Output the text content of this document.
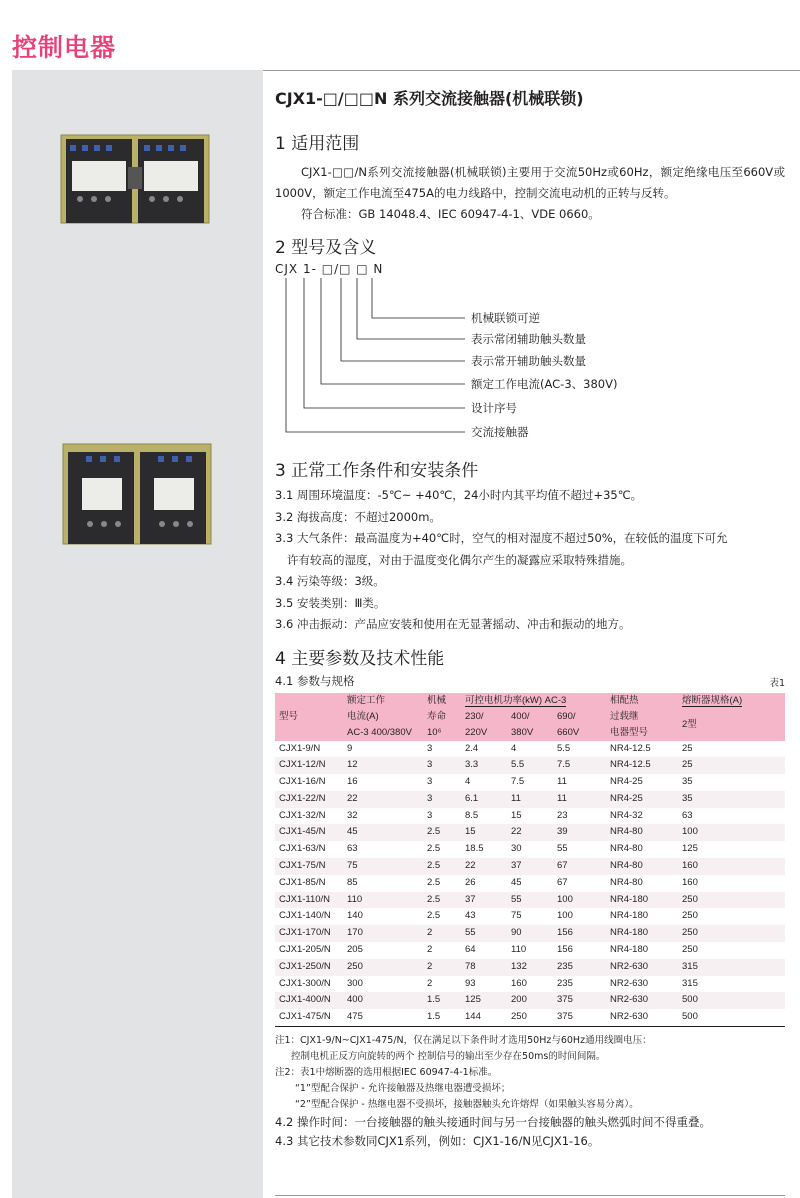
控制电器
CJX1-□/□□N 系列交流接触器(机械联锁)
1 适用范围
CJX1-□□/N系列交流接触器(机械联锁)主要用于交流50Hz或60Hz，额定绝缘电压至660V或1000V，额定工作电流至475A的电力线路中，控制交流电动机的正转与反转。
符合标准：GB 14048.4、IEC 60947-4-1、VDE 0660。
2 型号及含义
CJX 1- □/□ □ N
机械联锁可逆
表示常闭辅助触头数量
表示常开辅助触头数量
额定工作电流(AC-3、380V)
设计序号
交流接触器
3 正常工作条件和安装条件
3.1 周围环境温度：-5℃~ +40℃，24小时内其平均值不超过+35℃。
3.2 海拔高度：不超过2000m。
3.3 大气条件：最高温度为+40℃时，空气的相对湿度不超过50%，在较低的温度下可允
许有较高的湿度，对由于温度变化偶尔产生的凝露应采取特殊措施。
3.4 污染等级：3级。
3.5 安装类别：Ⅲ类。
3.6 冲击振动：产品应安装和使用在无显著摇动、冲击和振动的地方。
4 主要参数及技术性能
4.1 参数与规格	表1
型号	额定工作	机械	可控电机功率(kW) AC-3			相配热	熔断器规格(A)
	电流(A)	寿命	230/	400/	690/	过载继	2型
	AC-3 400/380V	10⁶	220V	380V	660V	电器型号	
CJX1-9/N	9	3	2.4	4	5.5	NR4-12.5	25
CJX1-12/N	12	3	3.3	5.5	7.5	NR4-12.5	25
CJX1-16/N	16	3	4	7.5	11	NR4-25	35
CJX1-22/N	22	3	6.1	11	11	NR4-25	35
CJX1-32/N	32	3	8.5	15	23	NR4-32	63
CJX1-45/N	45	2.5	15	22	39	NR4-80	100
CJX1-63/N	63	2.5	18.5	30	55	NR4-80	125
CJX1-75/N	75	2.5	22	37	67	NR4-80	160
CJX1-85/N	85	2.5	26	45	67	NR4-80	160
CJX1-110/N	110	2.5	37	55	100	NR4-180	250
CJX1-140/N	140	2.5	43	75	100	NR4-180	250
CJX1-170/N	170	2	55	90	156	NR4-180	250
CJX1-205/N	205	2	64	110	156	NR4-180	250
CJX1-250/N	250	2	78	132	235	NR2-630	315
CJX1-300/N	300	2	93	160	235	NR2-630	315
CJX1-400/N	400	1.5	125	200	375	NR2-630	500
CJX1-475/N	475	1.5	144	250	375	NR2-630	500
注1：CJX1-9/N~CJX1-475/N，仅在满足以下条件时才选用50Hz与60Hz通用线圈电压：
控制电机正反方向旋转的两个 控制信号的输出至少存在50ms的时间间隔。
注2：表1中熔断器的选用根据IEC 60947-4-1标准。
“1”型配合保护 - 允许接触器及热继电器遭受损坏；
“2”型配合保护 - 热继电器不受损坏，接触器触头允许熔焊（如果触头容易分离）。
4.2 操作时间：一台接触器的触头接通时间与另一台接触器的触头燃弧时间不得重叠。
4.3 其它技术参数同CJX1系列，例如：CJX1-16/N见CJX1-16。
